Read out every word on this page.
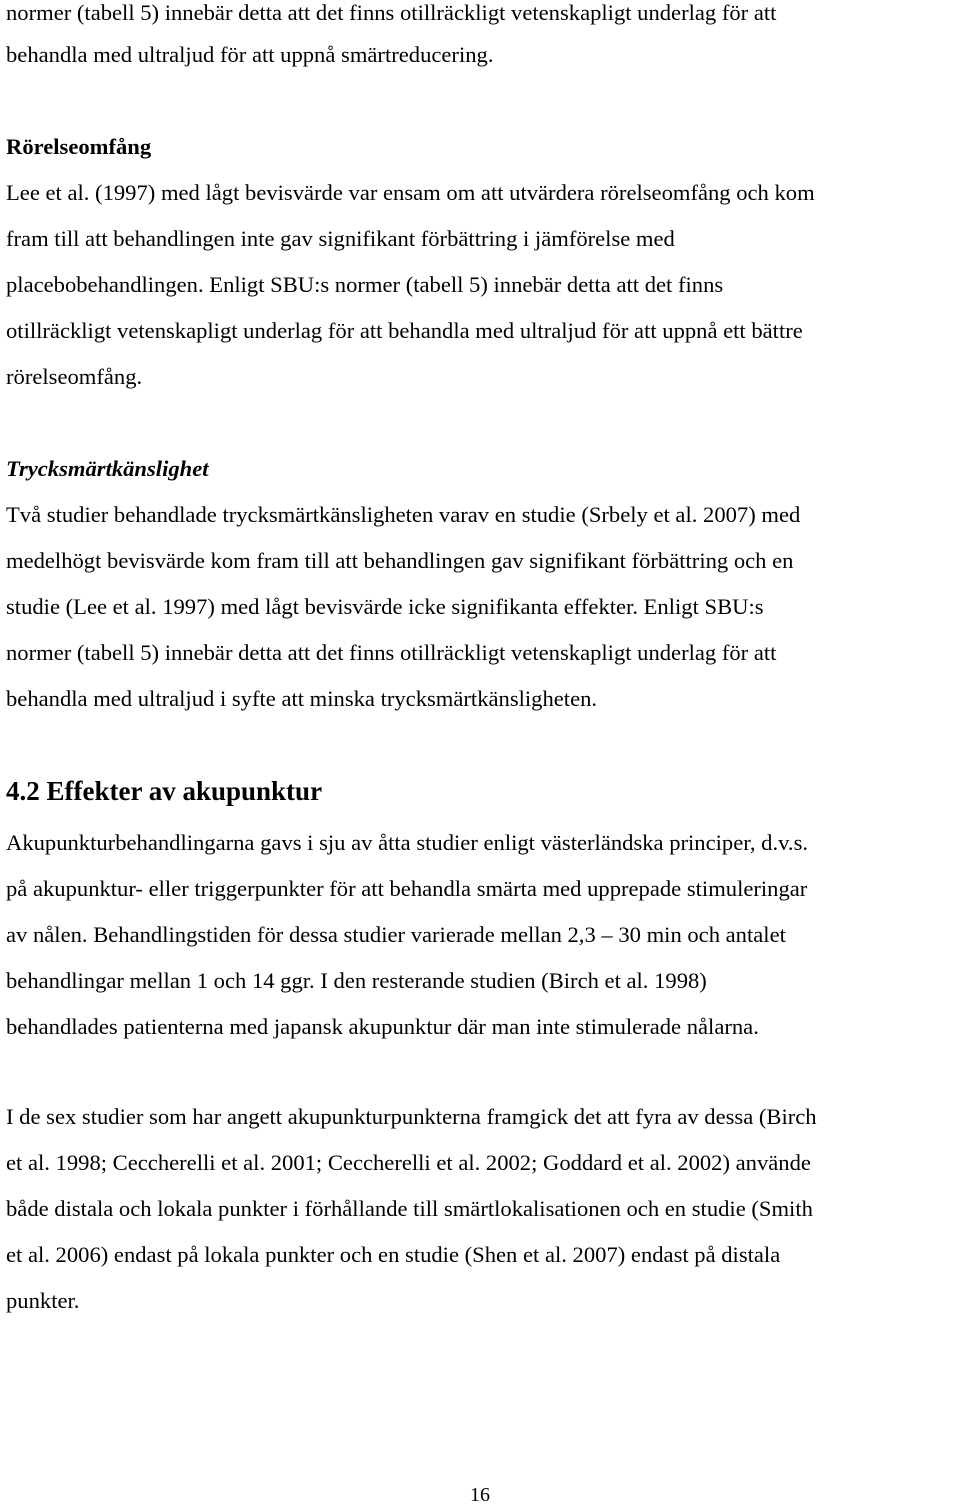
normer (tabell 5) innebär detta att det finns otillräckligt vetenskapligt underlag för att
behandla med ultraljud för att uppnå smärtreducering.
Rörelseomfång
Lee et al. (1997) med lågt bevisvärde var ensam om att utvärdera rörelseomfång och kom
fram till att behandlingen inte gav signifikant förbättring i jämförelse med
placebobehandlingen. Enligt SBU:s normer (tabell 5) innebär detta att det finns
otillräckligt vetenskapligt underlag för att behandla med ultraljud för att uppnå ett bättre
rörelseomfång.
Trycksmärtkänslighet
Två studier behandlade trycksmärtkänsligheten varav en studie (Srbely et al. 2007) med
medelhögt bevisvärde kom fram till att behandlingen gav signifikant förbättring och en
studie (Lee et al. 1997) med lågt bevisvärde icke signifikanta effekter. Enligt SBU:s
normer (tabell 5) innebär detta att det finns otillräckligt vetenskapligt underlag för att
behandla med ultraljud i syfte att minska trycksmärtkänsligheten.
4.2 Effekter av akupunktur
Akupunkturbehandlingarna gavs i sju av åtta studier enligt västerländska principer, d.v.s.
på akupunktur- eller triggerpunkter för att behandla smärta med upprepade stimuleringar
av nålen. Behandlingstiden för dessa studier varierade mellan 2,3 – 30 min och antalet
behandlingar mellan 1 och 14 ggr. I den resterande studien (Birch et al. 1998)
behandlades patienterna med japansk akupunktur där man inte stimulerade nålarna.
I de sex studier som har angett akupunkturpunkterna framgick det att fyra av dessa (Birch
et al. 1998; Ceccherelli et al. 2001; Ceccherelli et al. 2002; Goddard et al. 2002) använde
både distala och lokala punkter i förhållande till smärtlokalisationen och en studie (Smith
et al. 2006) endast på lokala punkter och en studie (Shen et al. 2007) endast på distala
punkter.
16
